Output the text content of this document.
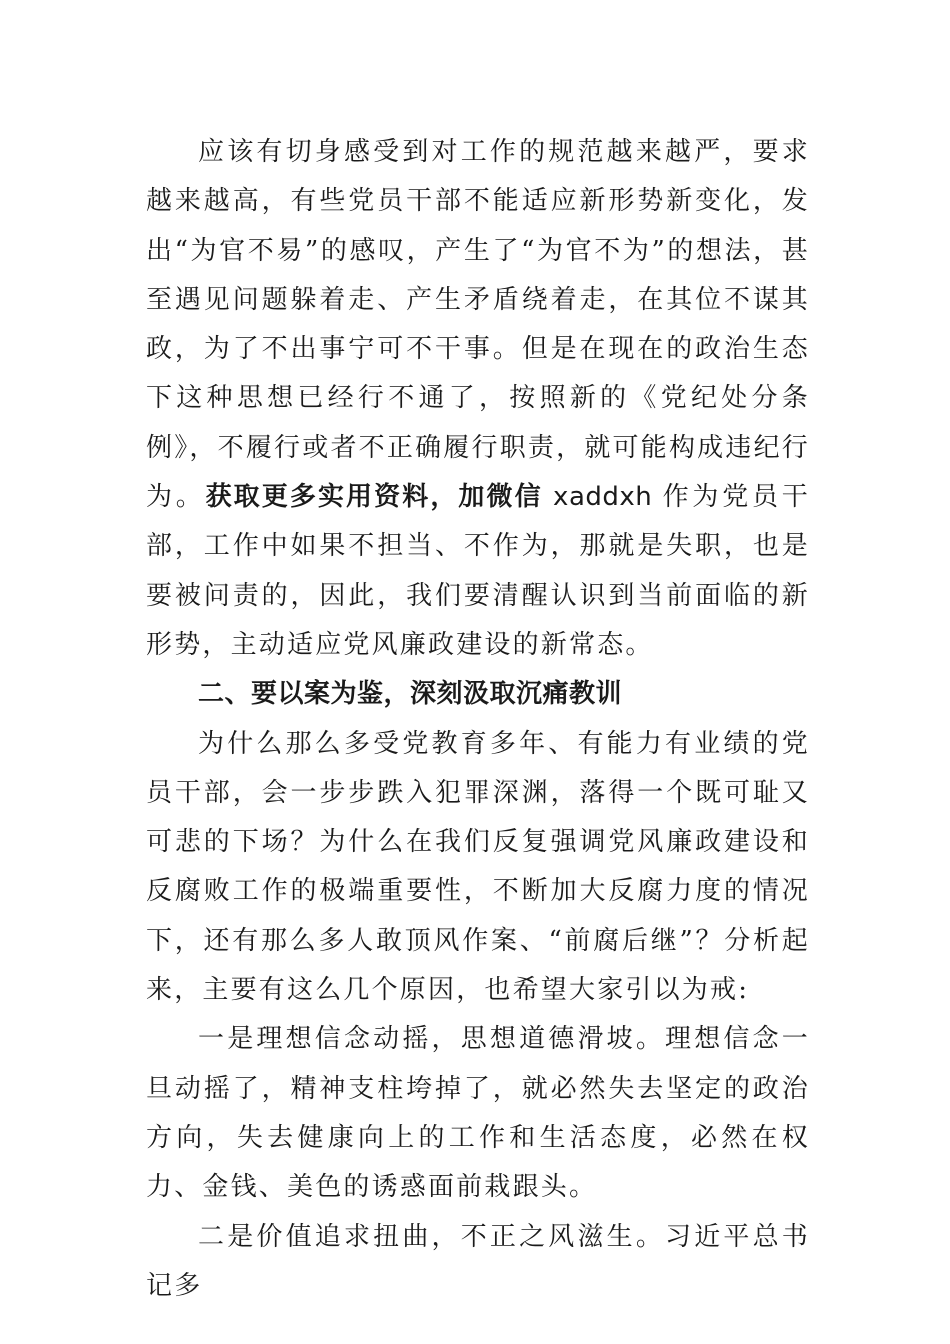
应该有切身感受到对工作的规范越来越严，要求越来越高，有些党员干部不能适应新形势新变化，发出“为官不易”的感叹，产生了“为官不为”的想法，甚至遇见问题躲着走、产生矛盾绕着走，在其位不谋其政，为了不出事宁可不干事。但是在现在的政治生态下这种思想已经行不通了，按照新的《党纪处分条例》，不履行或者不正确履行职责，就可能构成违纪行为。获取更多实用资料，加微信 xaddxh 作为党员干部，工作中如果不担当、不作为，那就是失职，也是要被问责的，因此，我们要清醒认识到当前面临的新形势，主动适应党风廉政建设的新常态。

二、要以案为鉴，深刻汲取沉痛教训

为什么那么多受党教育多年、有能力有业绩的党员干部，会一步步跌入犯罪深渊，落得一个既可耻又可悲的下场？为什么在我们反复强调党风廉政建设和反腐败工作的极端重要性，不断加大反腐力度的情况下，还有那么多人敢顶风作案、“前腐后继”？分析起来，主要有这么几个原因，也希望大家引以为戒:

一是理想信念动摇，思想道德滑坡。理想信念一旦动摇了，精神支柱垮掉了，就必然失去坚定的政治方向，失去健康向上的工作和生活态度，必然在权力、金钱、美色的诱惑面前栽跟头。

二是价值追求扭曲，不正之风滋生。习近平总书记多
